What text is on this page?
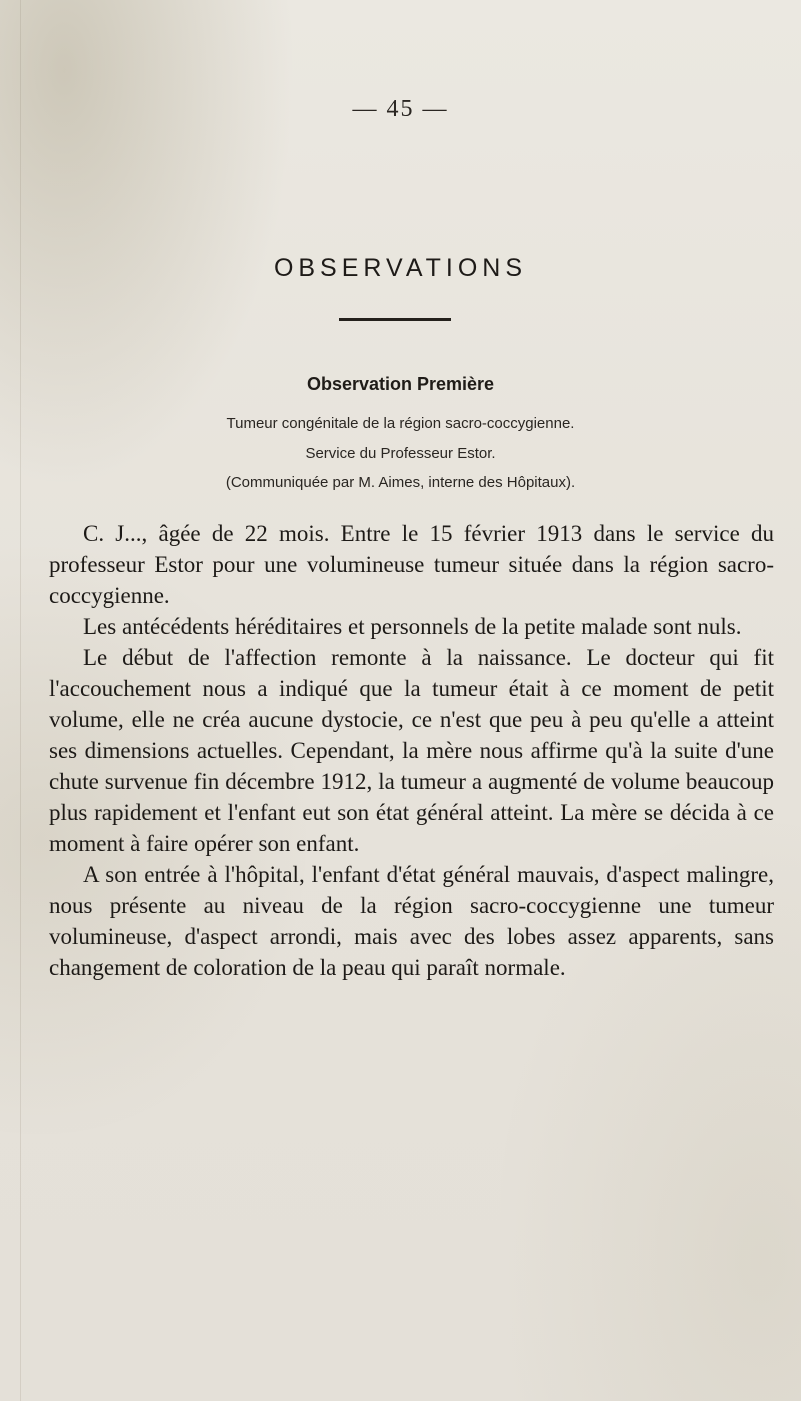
— 45 —
OBSERVATIONS
Observation Première
Tumeur congénitale de la région sacro-coccygienne.
Service du Professeur Estor.
(Communiquée par M. Aimes, interne des Hôpitaux).

C. J..., âgée de 22 mois. Entre le 15 février 1913 dans le service du professeur Estor pour une volumineuse tumeur située dans la région sacro-coccygienne.

Les antécédents héréditaires et personnels de la petite malade sont nuls.

Le début de l'affection remonte à la naissance. Le docteur qui fit l'accouchement nous a indiqué que la tumeur était à ce moment de petit volume, elle ne créa aucune dystocie, ce n'est que peu à peu qu'elle a atteint ses dimensions actuelles. Cependant, la mère nous affirme qu'à la suite d'une chute survenue fin décembre 1912, la tumeur a augmenté de volume beaucoup plus rapidement et l'enfant eut son état général atteint. La mère se décida à ce moment à faire opérer son enfant.

A son entrée à l'hôpital, l'enfant d'état général mauvais, d'aspect malingre, nous présente au niveau de la région sacro-coccygienne une tumeur volumineuse, d'aspect arrondi, mais avec des lobes assez apparents, sans changement de coloration de la peau qui paraît normale.
